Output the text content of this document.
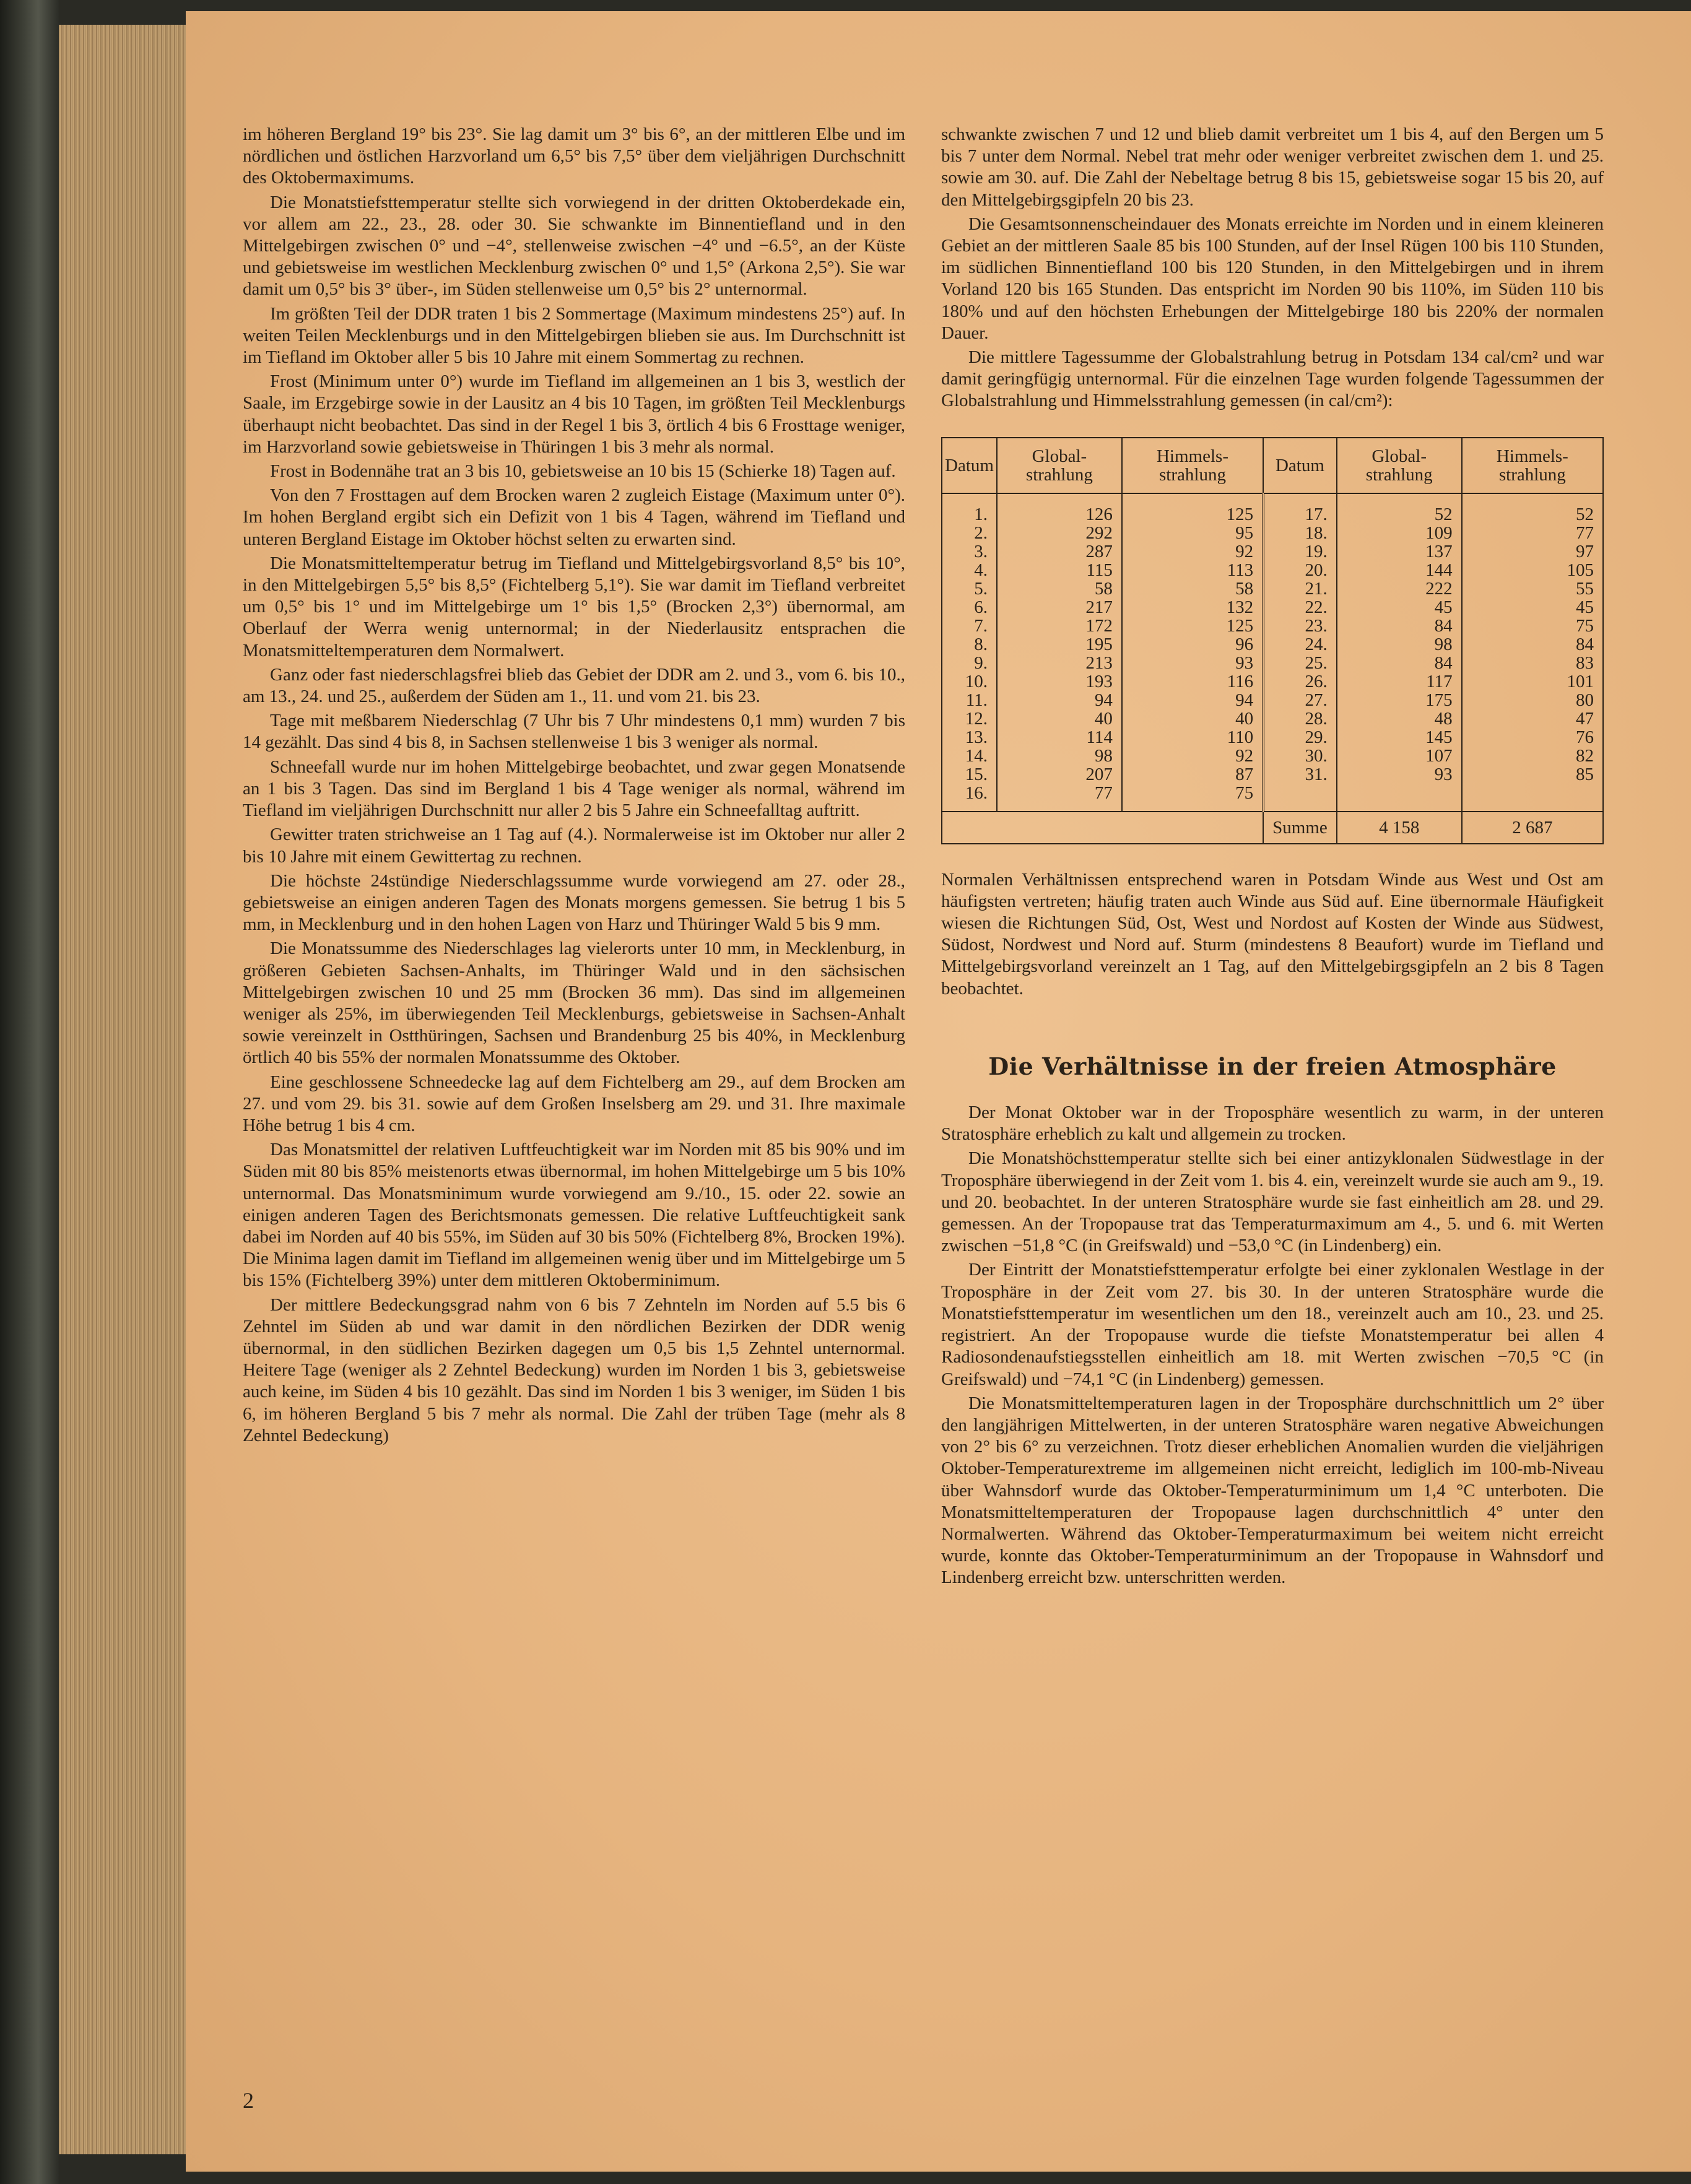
im höheren Bergland 19° bis 23°. Sie lag damit um 3° bis 6°, an der mittleren Elbe und im nördlichen und östlichen Harzvorland um 6,5° bis 7,5° über dem vieljährigen Durchschnitt des Oktobermaximums.

Die Monatstiefsttemperatur stellte sich vorwiegend in der dritten Oktoberdekade ein, vor allem am 22., 23., 28. oder 30. Sie schwankte im Binnentiefland und in den Mittelgebirgen zwischen 0° und −4°, stellenweise zwischen −4° und −6.5°, an der Küste und gebietsweise im westlichen Mecklenburg zwischen 0° und 1,5° (Arkona 2,5°). Sie war damit um 0,5° bis 3° über-, im Süden stellenweise um 0,5° bis 2° unternormal.

Im größten Teil der DDR traten 1 bis 2 Sommertage (Maximum mindestens 25°) auf. In weiten Teilen Mecklenburgs und in den Mittelgebirgen blieben sie aus. Im Durchschnitt ist im Tiefland im Oktober aller 5 bis 10 Jahre mit einem Sommertag zu rechnen.

Frost (Minimum unter 0°) wurde im Tiefland im allgemeinen an 1 bis 3, westlich der Saale, im Erzgebirge sowie in der Lausitz an 4 bis 10 Tagen, im größten Teil Mecklenburgs überhaupt nicht beobachtet. Das sind in der Regel 1 bis 3, örtlich 4 bis 6 Frosttage weniger, im Harzvorland sowie gebietsweise in Thüringen 1 bis 3 mehr als normal.

Frost in Bodennähe trat an 3 bis 10, gebietsweise an 10 bis 15 (Schierke 18) Tagen auf.

Von den 7 Frosttagen auf dem Brocken waren 2 zugleich Eistage (Maximum unter 0°). Im hohen Bergland ergibt sich ein Defizit von 1 bis 4 Tagen, während im Tiefland und unteren Bergland Eistage im Oktober höchst selten zu erwarten sind.

Die Monatsmitteltemperatur betrug im Tiefland und Mittelgebirgsvorland 8,5° bis 10°, in den Mittelgebirgen 5,5° bis 8,5° (Fichtelberg 5,1°). Sie war damit im Tiefland verbreitet um 0,5° bis 1° und im Mittelgebirge um 1° bis 1,5° (Brocken 2,3°) übernormal, am Oberlauf der Werra wenig unternormal; in der Niederlausitz entsprachen die Monatsmitteltemperaturen dem Normalwert.

Ganz oder fast niederschlagsfrei blieb das Gebiet der DDR am 2. und 3., vom 6. bis 10., am 13., 24. und 25., außerdem der Süden am 1., 11. und vom 21. bis 23.

Tage mit meßbarem Niederschlag (7 Uhr bis 7 Uhr mindestens 0,1 mm) wurden 7 bis 14 gezählt. Das sind 4 bis 8, in Sachsen stellenweise 1 bis 3 weniger als normal.

Schneefall wurde nur im hohen Mittelgebirge beobachtet, und zwar gegen Monatsende an 1 bis 3 Tagen. Das sind im Bergland 1 bis 4 Tage weniger als normal, während im Tiefland im vieljährigen Durchschnitt nur aller 2 bis 5 Jahre ein Schneefalltag auftritt.

Gewitter traten strichweise an 1 Tag auf (4.). Normalerweise ist im Oktober nur aller 2 bis 10 Jahre mit einem Gewittertag zu rechnen.

Die höchste 24stündige Niederschlagssumme wurde vorwiegend am 27. oder 28., gebietsweise an einigen anderen Tagen des Monats morgens gemessen. Sie betrug 1 bis 5 mm, in Mecklenburg und in den hohen Lagen von Harz und Thüringer Wald 5 bis 9 mm.

Die Monatssumme des Niederschlages lag vielerorts unter 10 mm, in Mecklenburg, in größeren Gebieten Sachsen-Anhalts, im Thüringer Wald und in den sächsischen Mittelgebirgen zwischen 10 und 25 mm (Brocken 36 mm). Das sind im allgemeinen weniger als 25%, im überwiegenden Teil Mecklenburgs, gebietsweise in Sachsen-Anhalt sowie vereinzelt in Ostthüringen, Sachsen und Brandenburg 25 bis 40%, in Mecklenburg örtlich 40 bis 55% der normalen Monatssumme des Oktober.

Eine geschlossene Schneedecke lag auf dem Fichtelberg am 29., auf dem Brocken am 27. und vom 29. bis 31. sowie auf dem Großen Inselsberg am 29. und 31. Ihre maximale Höhe betrug 1 bis 4 cm.

Das Monatsmittel der relativen Luftfeuchtigkeit war im Norden mit 85 bis 90% und im Süden mit 80 bis 85% meistenorts etwas übernormal, im hohen Mittelgebirge um 5 bis 10% unternormal. Das Monatsminimum wurde vorwiegend am 9./10., 15. oder 22. sowie an einigen anderen Tagen des Berichtsmonats gemessen. Die relative Luftfeuchtigkeit sank dabei im Norden auf 40 bis 55%, im Süden auf 30 bis 50% (Fichtelberg 8%, Brocken 19%). Die Minima lagen damit im Tiefland im allgemeinen wenig über und im Mittelgebirge um 5 bis 15% (Fichtelberg 39%) unter dem mittleren Oktoberminimum.

Der mittlere Bedeckungsgrad nahm von 6 bis 7 Zehnteln im Norden auf 5.5 bis 6 Zehntel im Süden ab und war damit in den nördlichen Bezirken der DDR wenig übernormal, in den südlichen Bezirken dagegen um 0,5 bis 1,5 Zehntel unternormal. Heitere Tage (weniger als 2 Zehntel Bedeckung) wurden im Norden 1 bis 3, gebietsweise auch keine, im Süden 4 bis 10 gezählt. Das sind im Norden 1 bis 3 weniger, im Süden 1 bis 6, im höheren Bergland 5 bis 7 mehr als normal. Die Zahl der trüben Tage (mehr als 8 Zehntel Bedeckung)

schwankte zwischen 7 und 12 und blieb damit verbreitet um 1 bis 4, auf den Bergen um 5 bis 7 unter dem Normal. Nebel trat mehr oder weniger verbreitet zwischen dem 1. und 25. sowie am 30. auf. Die Zahl der Nebeltage betrug 8 bis 15, gebietsweise sogar 15 bis 20, auf den Mittelgebirgsgipfeln 20 bis 23.

Die Gesamtsonnenscheindauer des Monats erreichte im Norden und in einem kleineren Gebiet an der mittleren Saale 85 bis 100 Stunden, auf der Insel Rügen 100 bis 110 Stunden, im südlichen Binnentiefland 100 bis 120 Stunden, in den Mittelgebirgen und in ihrem Vorland 120 bis 165 Stunden. Das entspricht im Norden 90 bis 110%, im Süden 110 bis 180% und auf den höchsten Erhebungen der Mittelgebirge 180 bis 220% der normalen Dauer.

Die mittlere Tagessumme der Globalstrahlung betrug in Potsdam 134 cal/cm² und war damit geringfügig unternormal. Für die einzelnen Tage wurden folgende Tagessummen der Globalstrahlung und Himmelsstrahlung gemessen (in cal/cm²):

Datum	Global-strahlung	Himmels-strahlung	Datum	Global-strahlung	Himmels-strahlung
1.	126	125	17.	52	52
2.	292	95	18.	109	77
3.	287	92	19.	137	97
4.	115	113	20.	144	105
5.	58	58	21.	222	55
6.	217	132	22.	45	45
7.	172	125	23.	84	75
8.	195	96	24.	98	84
9.	213	93	25.	84	83
10.	193	116	26.	117	101
11.	94	94	27.	175	80
12.	40	40	28.	48	47
13.	114	110	29.	145	76
14.	98	92	30.	107	82
15.	207	87	31.	93	85
16.	77	75			
			Summe	4 158	2 687

Normalen Verhältnissen entsprechend waren in Potsdam Winde aus West und Ost am häufigsten vertreten; häufig traten auch Winde aus Süd auf. Eine übernormale Häufigkeit wiesen die Richtungen Süd, Ost, West und Nordost auf Kosten der Winde aus Südwest, Südost, Nordwest und Nord auf. Sturm (mindestens 8 Beaufort) wurde im Tiefland und Mittelgebirgsvorland vereinzelt an 1 Tag, auf den Mittelgebirgsgipfeln an 2 bis 8 Tagen beobachtet.

Die Verhältnisse in der freien Atmosphäre

Der Monat Oktober war in der Troposphäre wesentlich zu warm, in der unteren Stratosphäre erheblich zu kalt und allgemein zu trocken.

Die Monatshöchsttemperatur stellte sich bei einer antizyklonalen Südwestlage in der Troposphäre überwiegend in der Zeit vom 1. bis 4. ein, vereinzelt wurde sie auch am 9., 19. und 20. beobachtet. In der unteren Stratosphäre wurde sie fast einheitlich am 28. und 29. gemessen. An der Tropopause trat das Temperaturmaximum am 4., 5. und 6. mit Werten zwischen −51,8 °C (in Greifswald) und −53,0 °C (in Lindenberg) ein.

Der Eintritt der Monatstiefsttemperatur erfolgte bei einer zyklonalen Westlage in der Troposphäre in der Zeit vom 27. bis 30. In der unteren Stratosphäre wurde die Monatstiefsttemperatur im wesentlichen um den 18., vereinzelt auch am 10., 23. und 25. registriert. An der Tropopause wurde die tiefste Monatstemperatur bei allen 4 Radiosondenaufstiegsstellen einheitlich am 18. mit Werten zwischen −70,5 °C (in Greifswald) und −74,1 °C (in Lindenberg) gemessen.

Die Monatsmitteltemperaturen lagen in der Troposphäre durchschnittlich um 2° über den langjährigen Mittelwerten, in der unteren Stratosphäre waren negative Abweichungen von 2° bis 6° zu verzeichnen. Trotz dieser erheblichen Anomalien wurden die vieljährigen Oktober-Temperaturextreme im allgemeinen nicht erreicht, lediglich im 100-mb-Niveau über Wahnsdorf wurde das Oktober-Temperaturminimum um 1,4 °C unterboten. Die Monatsmitteltemperaturen der Tropopause lagen durchschnittlich 4° unter den Normalwerten. Während das Oktober-Temperaturmaximum bei weitem nicht erreicht wurde, konnte das Oktober-Temperaturminimum an der Tropopause in Wahnsdorf und Lindenberg erreicht bzw. unterschritten werden.

2
